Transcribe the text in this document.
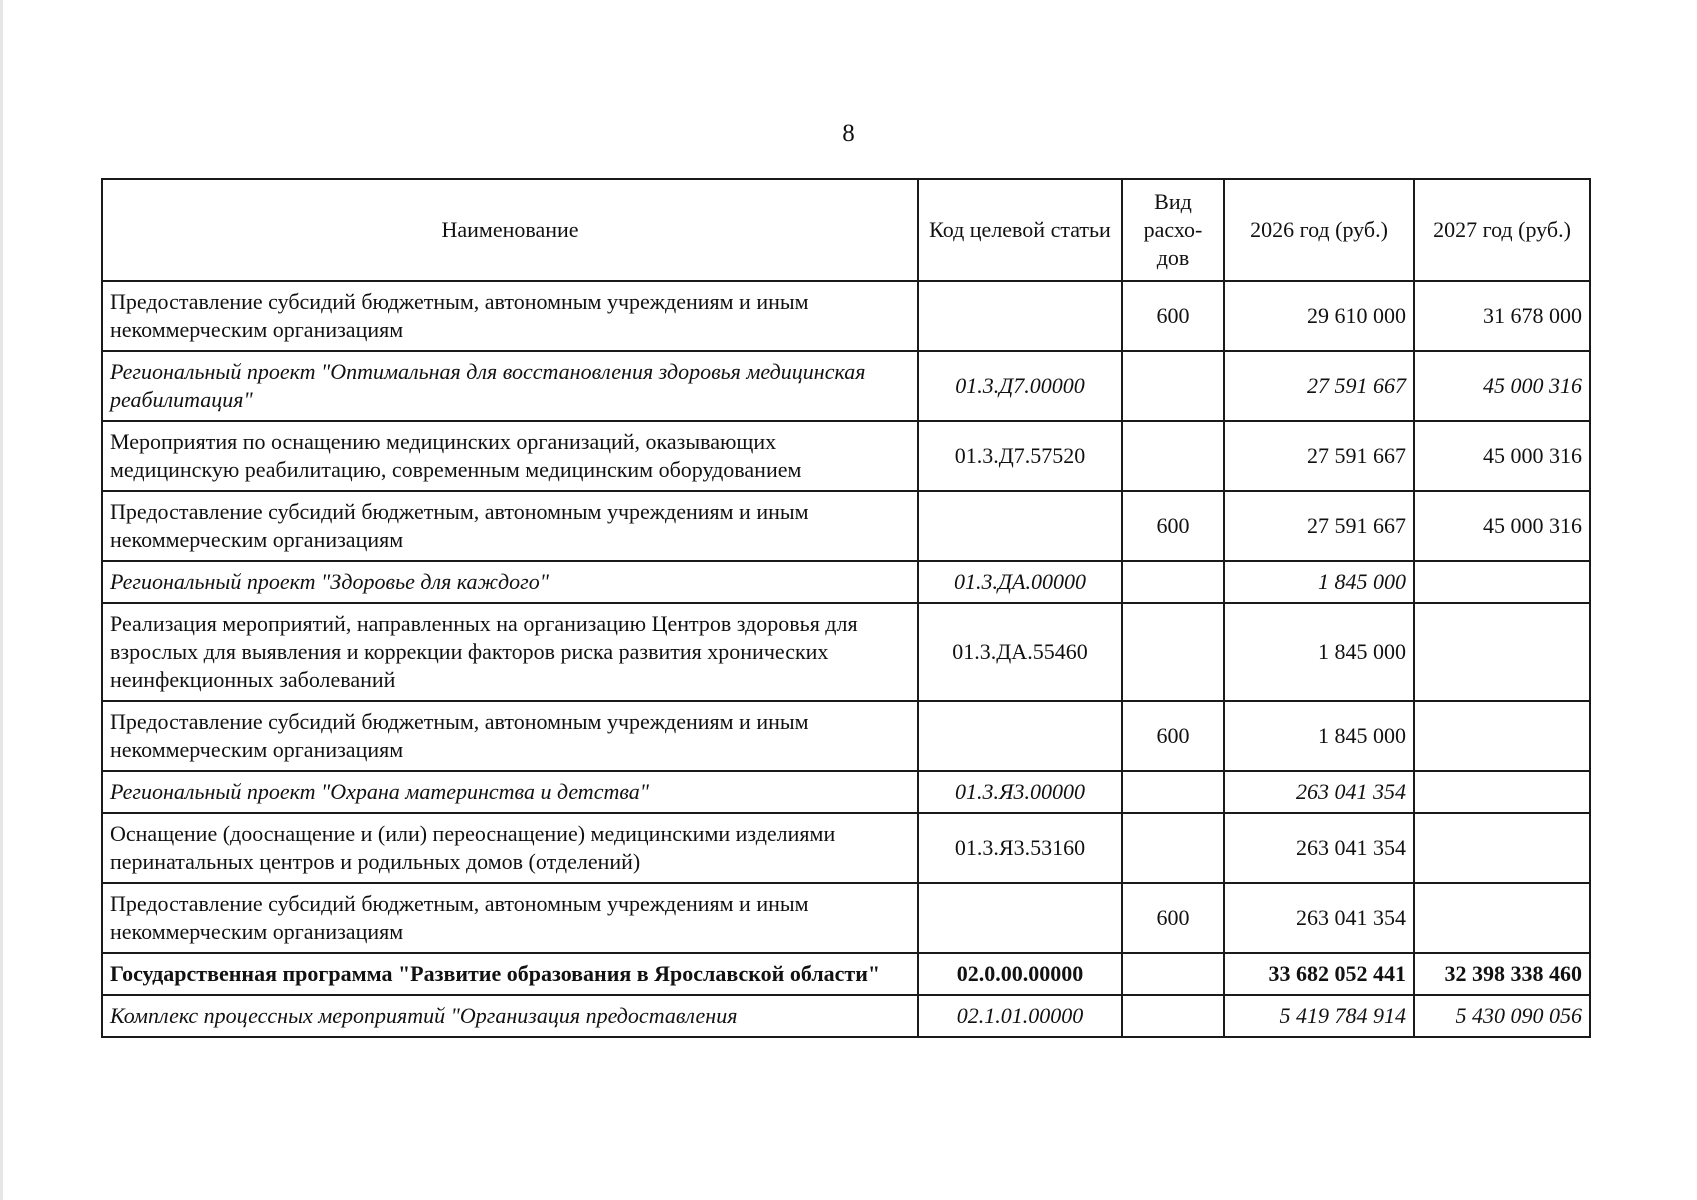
8
Наименование	Код целевой статьи	Вид расхо-дов	2026 год (руб.)	2027 год (руб.)
Предоставление субсидий бюджетным, автономным учреждениям и иным некоммерческим организациям		600	29 610 000	31 678 000
Региональный проект "Оптимальная для восстановления здоровья медицинская реабилитация"	01.3.Д7.00000		27 591 667	45 000 316
Мероприятия по оснащению медицинских организаций, оказывающих медицинскую реабилитацию, современным медицинским оборудованием	01.3.Д7.57520		27 591 667	45 000 316
Предоставление субсидий бюджетным, автономным учреждениям и иным некоммерческим организациям		600	27 591 667	45 000 316
Региональный проект "Здоровье для каждого"	01.3.ДА.00000		1 845 000	
Реализация мероприятий, направленных на организацию Центров здоровья для взрослых для выявления и коррекции факторов риска развития хронических неинфекционных заболеваний	01.3.ДА.55460		1 845 000	
Предоставление субсидий бюджетным, автономным учреждениям и иным некоммерческим организациям		600	1 845 000	
Региональный проект "Охрана материнства и детства"	01.3.Я3.00000		263 041 354	
Оснащение (дооснащение и (или) переоснащение) медицинскими изделиями перинатальных центров и родильных домов (отделений)	01.3.Я3.53160		263 041 354	
Предоставление субсидий бюджетным, автономным учреждениям и иным некоммерческим организациям		600	263 041 354	
Государственная программа "Развитие образования в Ярославской области"	02.0.00.00000		33 682 052 441	32 398 338 460
Комплекс процессных мероприятий "Организация предоставления	02.1.01.00000		5 419 784 914	5 430 090 056
